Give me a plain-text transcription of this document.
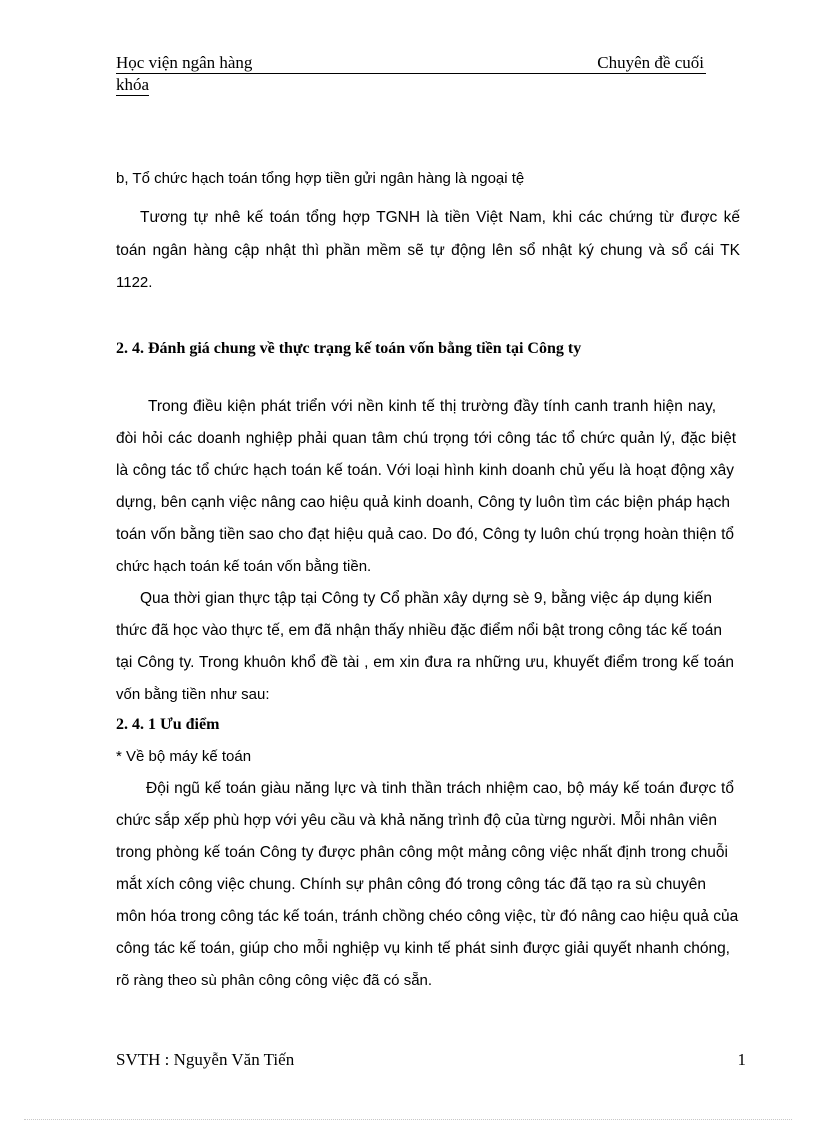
Học viện ngân hàng	Chuyên đề cuối
khóa
b, Tổ chức hạch toán tổng hợp tiền gửi ngân hàng là ngoại tệ
Tương tự nhê kế toán tổng hợp TGNH là tiền Việt Nam, khi các chứng từ được kế
toán ngân hàng cập nhật thì phần mềm sẽ tự động lên sổ nhật ký chung và sổ cái TK
1122.
2. 4. Đánh giá chung về thực trạng kế toán vốn bằng tiền tại Công ty
Trong điều kiện phát triển với nền kinh tế thị trường đầy tính canh tranh hiện nay,
đòi hỏi các doanh nghiệp phải quan tâm chú trọng tới công tác tổ chức quản lý, đặc biệt
là công tác tổ chức hạch toán kế toán. Với loại hình kinh doanh chủ yếu là hoạt động xây
dựng, bên cạnh việc nâng cao hiệu quả kinh doanh, Công ty luôn tìm các biện pháp hạch
toán vốn bằng tiền sao cho đạt hiệu quả cao. Do đó, Công ty luôn chú trọng hoàn thiện tổ
chức hạch toán kế toán vốn bằng tiền.
Qua thời gian thực tập tại Công ty Cổ phần xây dựng sè 9, bằng việc áp dụng kiến
thức đã học vào thực tế, em đã nhận thấy nhiều đặc điểm nổi bật trong công tác kế toán
tại Công ty. Trong khuôn khổ đề tài , em xin đưa ra những ưu, khuyết điểm trong kế toán
vốn bằng tiền như sau:
2. 4. 1 Ưu điểm
* Về bộ máy kế toán
Đội ngũ kế toán giàu năng lực và tinh thần trách nhiệm cao, bộ máy kế toán được tổ
chức sắp xếp phù hợp với yêu cầu và khả năng trình độ của từng người. Mỗi nhân viên
trong phòng kế toán Công ty được phân công một mảng công việc nhất định trong chuỗi
mắt xích công việc chung. Chính sự phân công đó trong công tác đã tạo ra sù chuyên
môn hóa trong công tác kế toán, tránh chồng chéo công việc, từ đó nâng cao hiệu quả của
công tác kế toán, giúp cho mỗi nghiệp vụ kinh tế phát sinh được giải quyết nhanh chóng,
rõ ràng theo sù phân công công việc đã có sẵn.
SVTH : Nguyễn Văn Tiến	1
